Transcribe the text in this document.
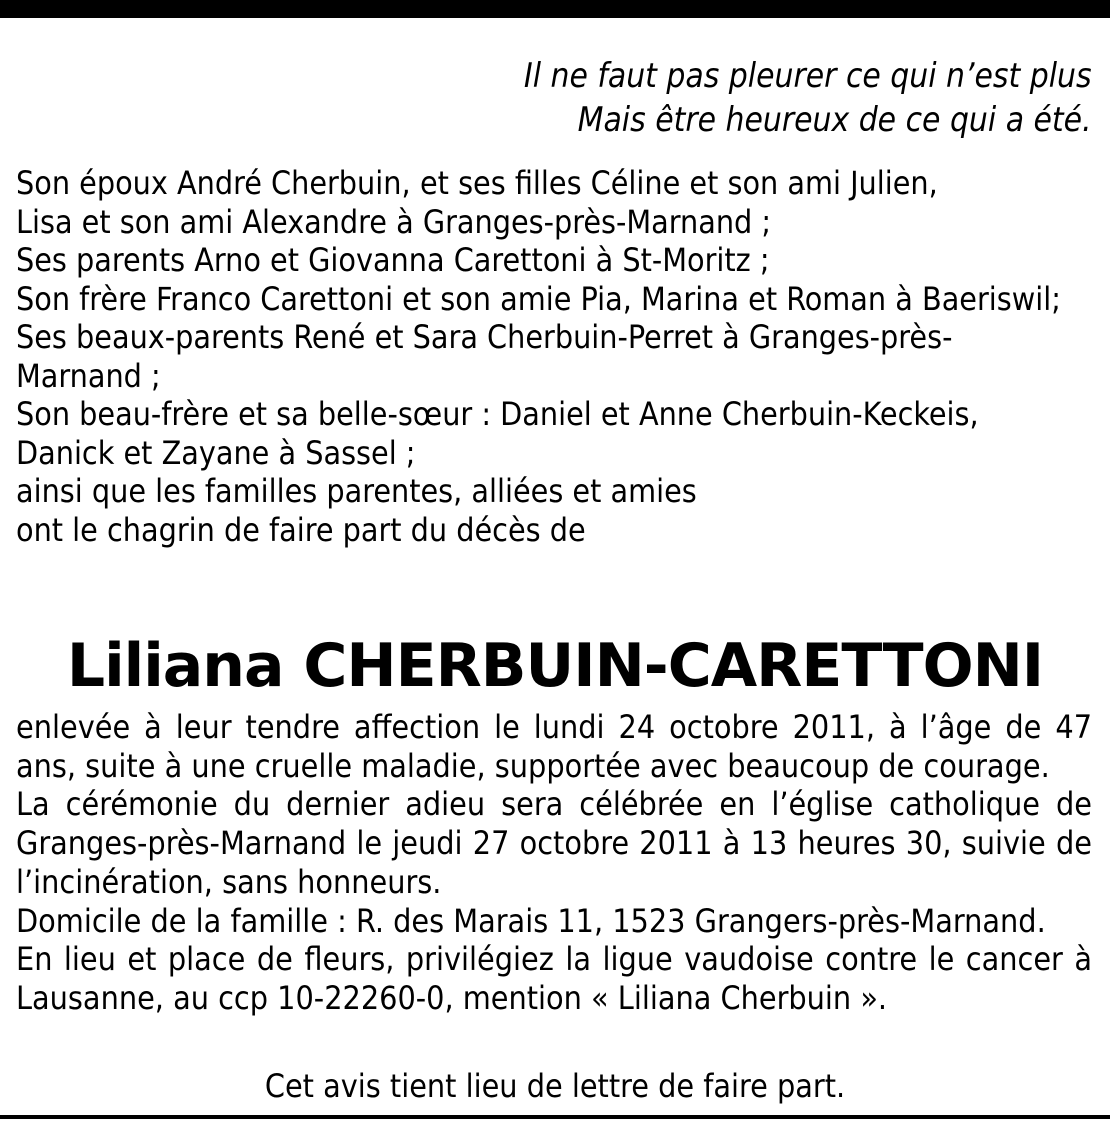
Il ne faut pas pleurer ce qui n’est plus Mais être heureux de ce qui a été.
Son époux André Cherbuin, et ses filles Céline et son ami Julien, Lisa et son ami Alexandre à Granges-près-Marnand ; Ses parents Arno et Giovanna Carettoni à St-Moritz ; Son frère Franco Carettoni et son amie Pia, Marina et Roman à Baeriswil; Ses beaux-parents René et Sara Cherbuin-Perret à Granges-près- Marnand ; Son beau-frère et sa belle-sœur : Daniel et Anne Cherbuin-Keckeis, Danick et Zayane à Sassel ; ainsi que les familles parentes, alliées et amies ont le chagrin de faire part du décès de
Liliana CHERBUIN-CARETTONI
enlevée à leur tendre affection le lundi 24 octobre 2011, à l’âge de 47 ans, suite à une cruelle maladie, supportée avec beaucoup de courage.
La cérémonie du dernier adieu sera célébrée en l’église catholique de Granges-près-Marnand le jeudi 27 octobre 2011 à 13 heures 30, suivie de l’incinération, sans honneurs.
Domicile de la famille : R. des Marais 11, 1523 Grangers-près-Marnand.
En lieu et place de fleurs, privilégiez la ligue vaudoise contre le cancer à Lausanne, au ccp 10-22260-0, mention « Liliana Cherbuin ».
Cet avis tient lieu de lettre de faire part.
